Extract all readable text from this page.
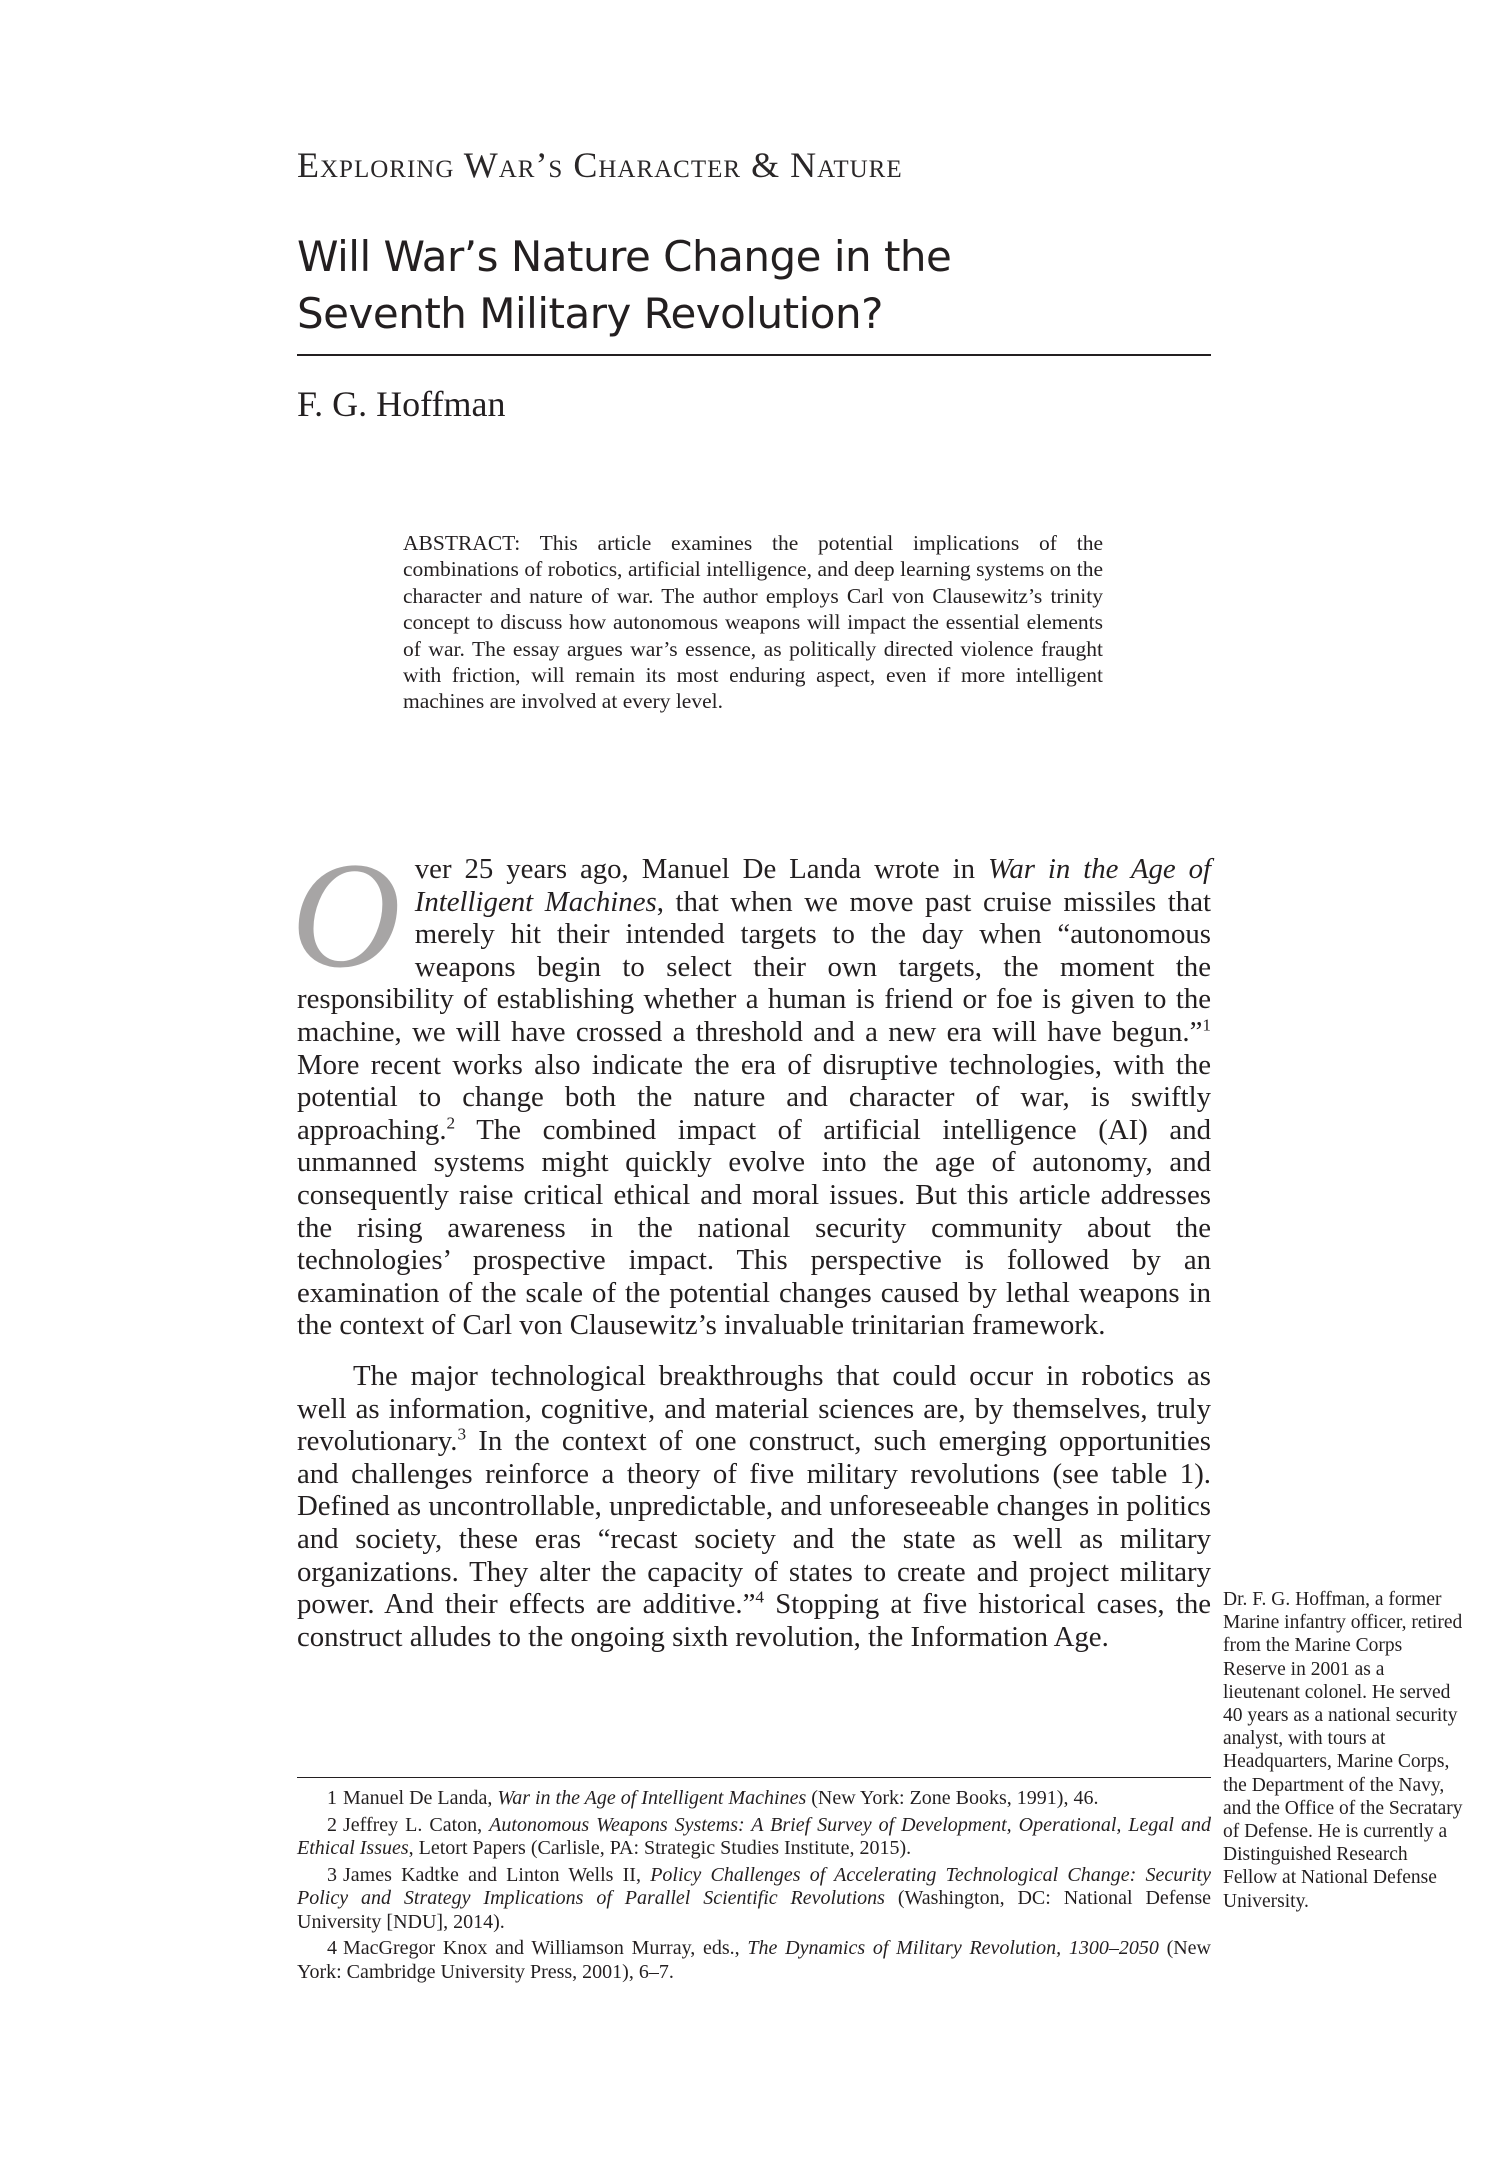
Exploring War’s Character & Nature
Will War’s Nature Change in the
Seventh Military Revolution?
F. G. Hoffman
ABSTRACT: This article examines the potential implications of the combinations of robotics, artificial intelligence, and deep learning systems on the character and nature of war. The author employs Carl von Clausewitz’s trinity concept to discuss how autonomous weapons will impact the essential elements of war. The essay argues war’s essence, as politically directed violence fraught with friction, will remain its most enduring aspect, even if more intelligent machines are involved at every level.
Over 25 years ago, Manuel De Landa wrote in War in the Age of Intelligent Machines, that when we move past cruise missiles that merely hit their intended targets to the day when “autonomous weapons begin to select their own targets, the moment the responsibility of establishing whether a human is friend or foe is given to the machine, we will have crossed a threshold and a new era will have begun.”$^1$ More recent works also indicate the era of disruptive technologies, with the potential to change both the nature and character of war, is swiftly approaching.$^2$ The combined impact of artificial intelligence (AI) and unmanned systems might quickly evolve into the age of autonomy, and consequently raise critical ethical and moral issues. But this article addresses the rising awareness in the national security community about the technologies’ prospective impact. This perspective is followed by an examination of the scale of the potential changes caused by lethal weapons in the context of Carl von Clausewitz’s invaluable trinitarian framework.
The major technological breakthroughs that could occur in robotics as well as information, cognitive, and material sciences are, by themselves, truly revolutionary.$^3$ In the context of one construct, such emerging opportunities and challenges reinforce a theory of five military revolutions (see table 1). Defined as uncontrollable, unpredictable, and unforeseeable changes in politics and society, these eras “recast society and the state as well as military organizations. They alter the capacity of states to create and project military power. And their effects are additive.”$^4$ Stopping at five historical cases, the construct alludes to the ongoing sixth revolution, the Information Age.
1 Manuel De Landa, War in the Age of Intelligent Machines (New York: Zone Books, 1991), 46.
2 Jeffrey L. Caton, Autonomous Weapons Systems: A Brief Survey of Development, Operational, Legal and Ethical Issues, Letort Papers (Carlisle, PA: Strategic Studies Institute, 2015).
3 James Kadtke and Linton Wells II, Policy Challenges of Accelerating Technological Change: Security Policy and Strategy Implications of Parallel Scientific Revolutions (Washington, DC: National Defense University [NDU], 2014).
4 MacGregor Knox and Williamson Murray, eds., The Dynamics of Military Revolution, 1300–2050 (New York: Cambridge University Press, 2001), 6–7.
Dr. F. G. Hoffman, a former Marine infantry officer, retired from the Marine Corps Reserve in 2001 as a lieutenant colonel. He served 40 years as a national security analyst, with tours at Headquarters, Marine Corps, the Department of the Navy, and the Office of the Secratary of Defense. He is currently a Distinguished Research Fellow at National Defense University.
